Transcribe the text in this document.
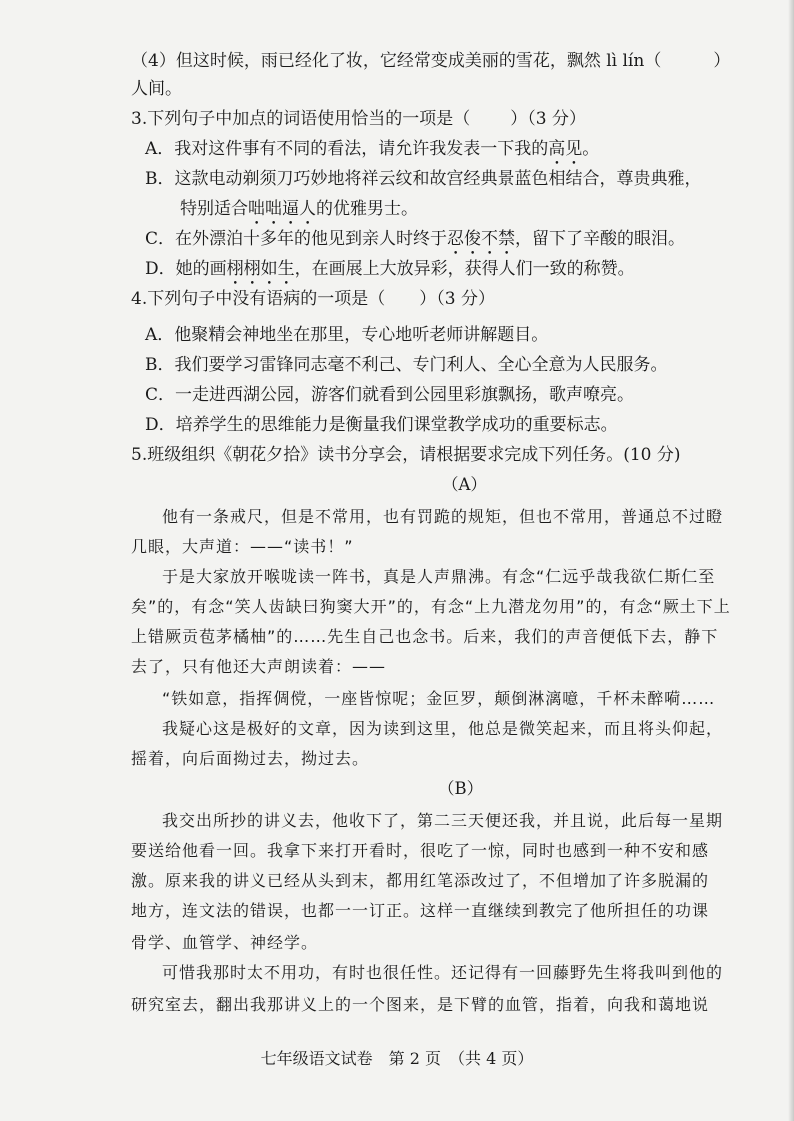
（4）但这时候，雨已经化了妆，它经常变成美丽的雪花，飘然 lì lín（	）
人间。
3.下列句子中加点的词语使用恰当的一项是（ ）（3 分）
A．我对这件事有不同的看法，请允许我发表一下我的高见。
B．这款电动剃须刀巧妙地将祥云纹和故宫经典景蓝色相结合，尊贵典雅，
特别适合咄咄逼人的优雅男士。
C．在外漂泊十多年的他见到亲人时终于忍俊不禁，留下了辛酸的眼泪。
D．她的画栩栩如生，在画展上大放异彩，获得人们一致的称赞。
4.下列句子中没有语病的一项是（ ）（3 分）
A．他聚精会神地坐在那里，专心地听老师讲解题目。
B．我们要学习雷锋同志毫不利己、专门利人、全心全意为人民服务。
C．一走进西湖公园，游客们就看到公园里彩旗飘扬，歌声嘹亮。
D．培养学生的思维能力是衡量我们课堂教学成功的重要标志。
5.班级组织《朝花夕拾》读书分享会，请根据要求完成下列任务。(10 分)
（A）
他有一条戒尺，但是不常用，也有罚跪的规矩，但也不常用，普通总不过瞪
几眼，大声道：——“读书！”
于是大家放开喉咙读一阵书，真是人声鼎沸。有念“仁远乎哉我欲仁斯仁至
矣”的，有念“笑人齿缺曰狗窦大开”的，有念“上九潜龙勿用”的，有念“厥土下上
上错厥贡苞茅橘柚”的……先生自己也念书。后来，我们的声音便低下去，静下
去了，只有他还大声朗读着：——
“铁如意，指挥倜傥，一座皆惊呢；金叵罗，颠倒淋漓噫，千杯未醉嗬……
我疑心这是极好的文章，因为读到这里，他总是微笑起来，而且将头仰起，
摇着，向后面拗过去，拗过去。
（B）
我交出所抄的讲义去，他收下了，第二三天便还我，并且说，此后每一星期
要送给他看一回。我拿下来打开看时，很吃了一惊，同时也感到一种不安和感
激。原来我的讲义已经从头到末，都用红笔添改过了，不但增加了许多脱漏的
地方，连文法的错误，也都一一订正。这样一直继续到教完了他所担任的功课
骨学、血管学、神经学。
可惜我那时太不用功，有时也很任性。还记得有一回藤野先生将我叫到他的
研究室去，翻出我那讲义上的一个图来，是下臂的血管，指着，向我和蔼地说
七年级语文试卷　第 2 页　（共 4 页）
